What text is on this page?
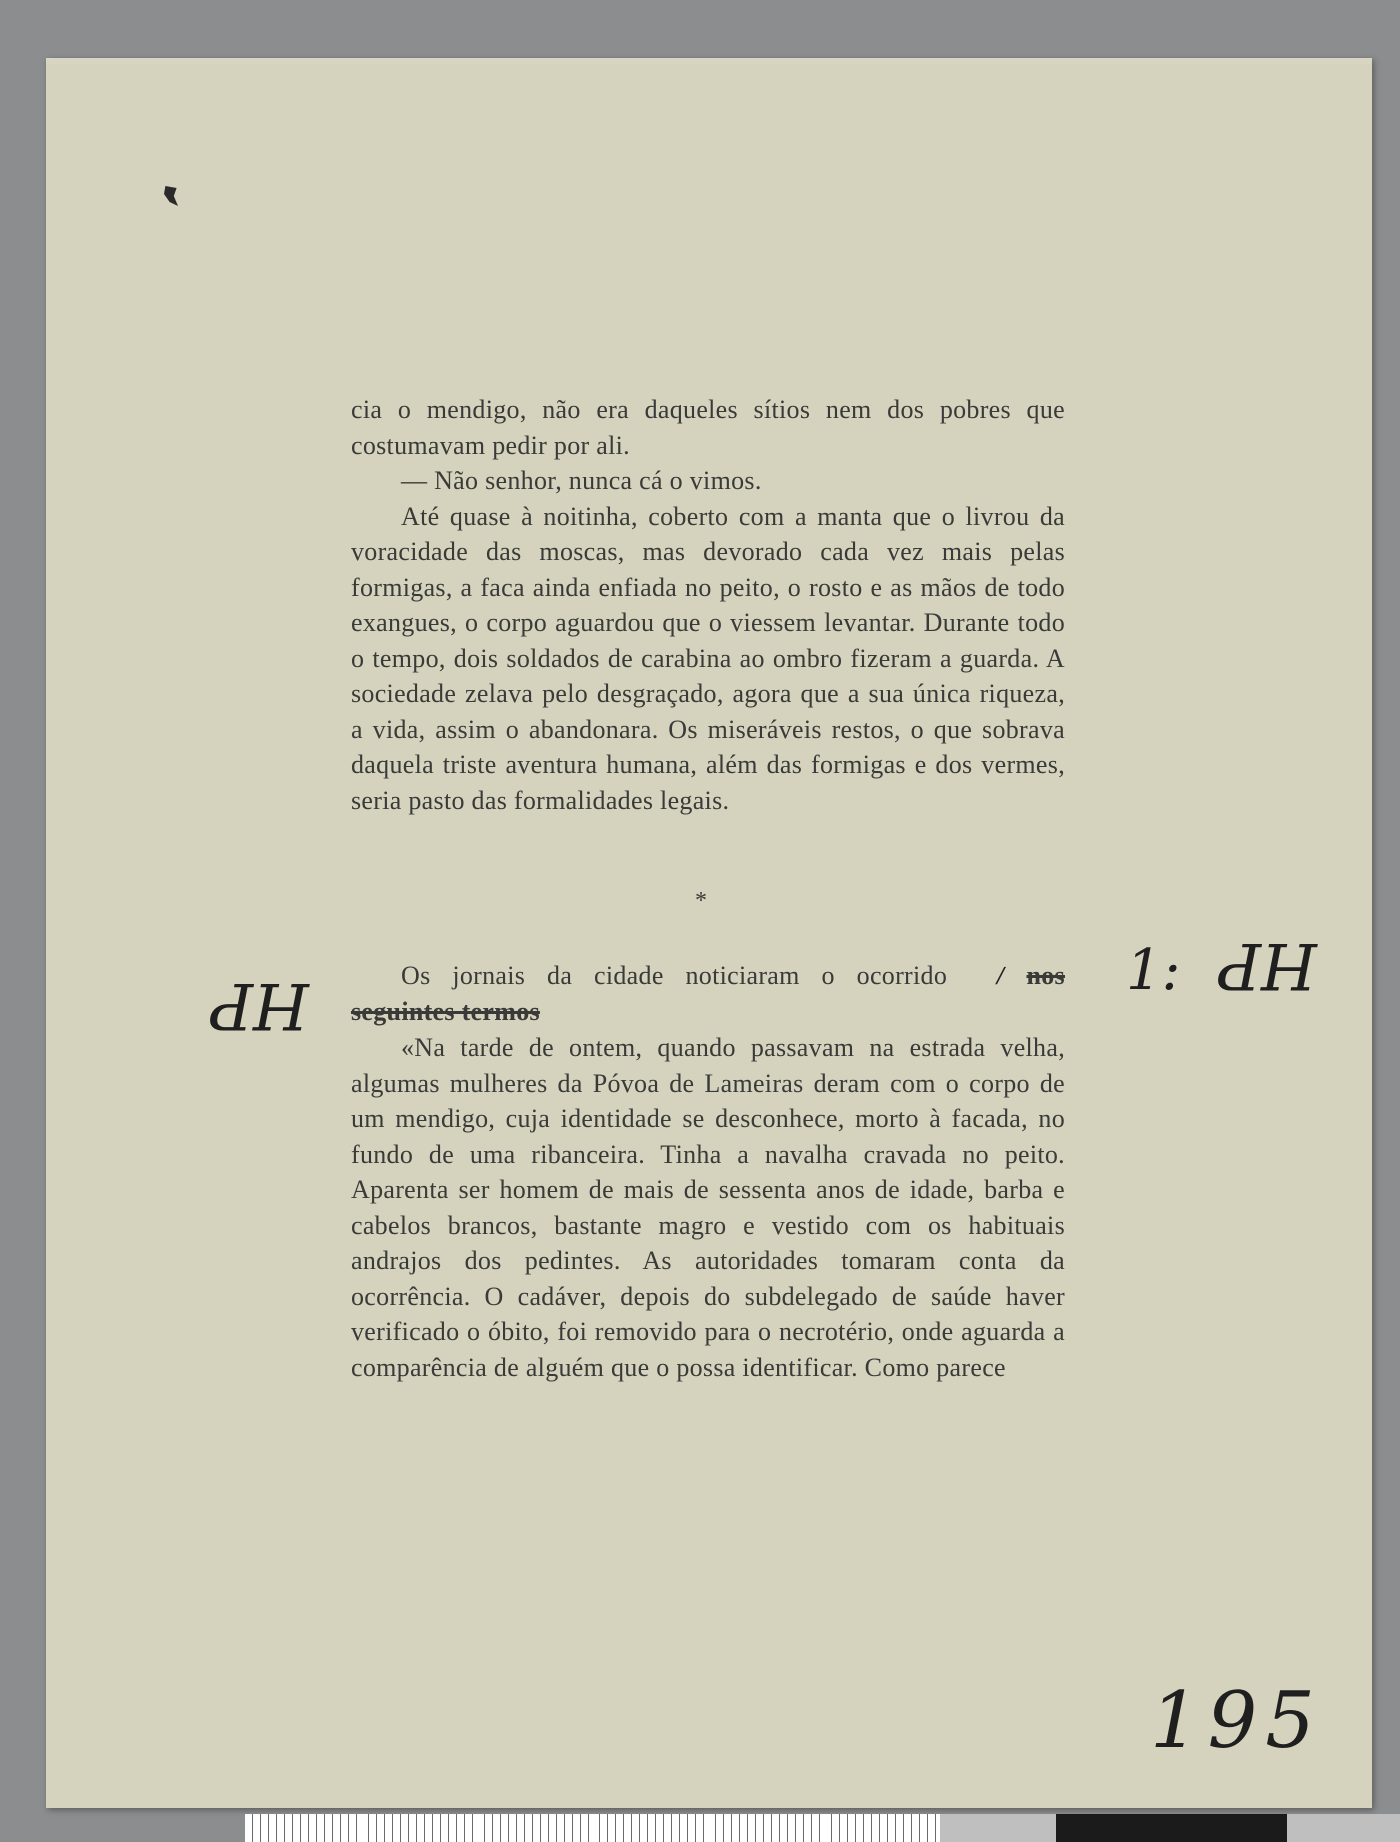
cia o mendigo, não era daqueles sítios nem dos pobres que costumavam pedir por ali.

— Não senhor, nunca cá o vimos.

Até quase à noitinha, coberto com a manta que o livrou da voracidade das moscas, mas devorado cada vez mais pelas formigas, a faca ainda enfiada no peito, o rosto e as mãos de todo exangues, o corpo aguardou que o viessem levantar. Durante todo o tempo, dois soldados de carabina ao ombro fizeram a guarda. A sociedade zelava pelo desgraçado, agora que a sua única riqueza, a vida, assim o abandonara. Os miseráveis restos, o que sobrava daquela triste aventura humana, além das formigas e dos vermes, seria pasto das formalidades legais.

*

Os jornais da cidade noticiaram o ocorrido / nos seguintes termos

«Na tarde de ontem, quando passavam na estrada velha, algumas mulheres da Póvoa de Lameiras deram com o corpo de um mendigo, cuja identidade se desconhece, morto à facada, no fundo de uma ribanceira. Tinha a navalha cravada no peito. Aparenta ser homem de mais de sessenta anos de idade, barba e cabelos brancos, bastante magro e vestido com os habituais andrajos dos pedintes. As autoridades tomaram conta da ocorrência. O cadáver, depois do subdelegado de saúde haver verificado o óbito, foi removido para o necrotério, onde aguarda a comparência de alguém que o possa identificar. Como parece

HP	1: HP
195
